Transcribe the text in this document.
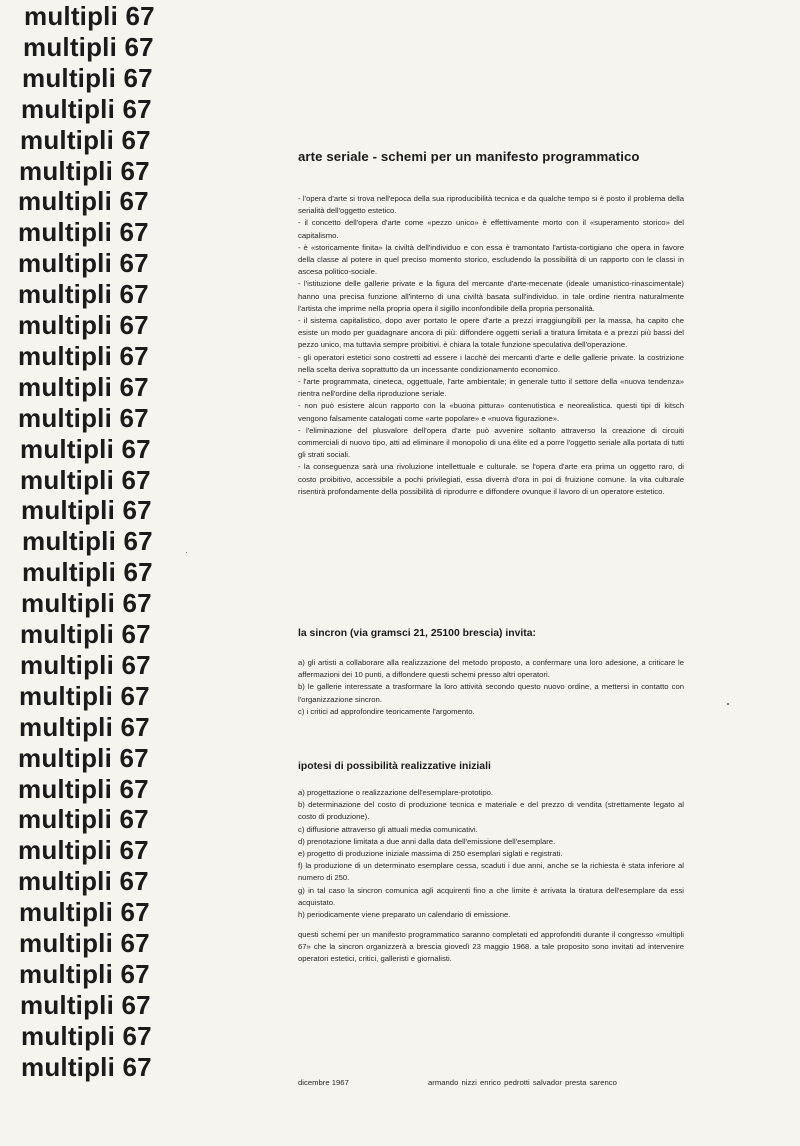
multipli 67
multipli 67
multipli 67
multipli 67
multipli 67
multipli 67
multipli 67
multipli 67
multipli 67
multipli 67
multipli 67
multipli 67
multipli 67
multipli 67
multipli 67
multipli 67
multipli 67
multipli 67
multipli 67
multipli 67
multipli 67
multipli 67
multipli 67
multipli 67
multipli 67
multipli 67
multipli 67
multipli 67
multipli 67
multipli 67
multipli 67
multipli 67
multipli 67
multipli 67
multipli 67
arte seriale - schemi per un manifesto programmatico

- l'opera d'arte si trova nell'epoca della sua riproducibilità tecnica e da qualche tempo si è posto il problema della serialità dell'oggetto estetico.

- il concetto dell'opera d'arte come «pezzo unico» è effettivamente morto con il «superamento storico» del capitalismo.

- è «storicamente finita» la civiltà dell'individuo e con essa è tramontato l'artista-cortigiano che opera in favore della classe al potere in quel preciso momento storico, escludendo la possibilità di un rapporto con le classi in ascesa politico-sociale.

- l'istituzione delle gallerie private e la figura del mercante d'arte-mecenate (ideale umanistico-rinascimentale) hanno una precisa funzione all'interno di una civiltà basata sull'individuo. in tale ordine rientra naturalmente l'artista che imprime nella propria opera il sigillo inconfondibile della propria personalità.

- il sistema capitalistico, dopo aver portato le opere d'arte a prezzi irraggiungibili per la massa, ha capito che esiste un modo per guadagnare ancora di più: diffondere oggetti seriali a tiratura limitata e a prezzi più bassi del pezzo unico, ma tuttavia sempre proibitivi. è chiara la totale funzione speculativa dell'operazione.

- gli operatori estetici sono costretti ad essere i lacchè dei mercanti d'arte e delle gallerie private. la costrizione nella scelta deriva soprattutto da un incessante condizionamento economico.

- l'arte programmata, cineteca, oggettuale, l'arte ambientale; in generale tutto il settore della «nuova tendenza» rientra nell'ordine della riproduzione seriale.

- non può esistere alcun rapporto con la «buona pittura» contenutistica e neorealistica. questi tipi di kitsch vengono falsamente catalogati come «arte popolare» e «nuova figurazione».

- l'eliminazione del plusvalore dell'opera d'arte può avvenire soltanto attraverso la creazione di circuiti commerciali di nuovo tipo, atti ad eliminare il monopolio di una élite ed a porre l'oggetto seriale alla portata di tutti gli strati sociali.

- la conseguenza sarà una rivoluzione intellettuale e culturale. se l'opera d'arte era prima un oggetto raro, di costo proibitivo, accessibile a pochi privilegiati, essa diverrà d'ora in poi di fruizione comune. la vita culturale risentirà profondamente della possibilità di riprodurre e diffondere ovunque il lavoro di un operatore estetico.

la sincron (via gramsci 21, 25100 brescia) invita:

a) gli artisti a collaborare alla realizzazione del metodo proposto, a confermare una loro adesione, a criticare le affermazioni dei 10 punti, a diffondere questi schemi presso altri operatori.

b) le gallerie interessate a trasformare la loro attività secondo questo nuovo ordine, a mettersi in contatto con l'organizzazione sincron.

c) i critici ad approfondire teoricamente l'argomento.

ipotesi di possibilità realizzative iniziali

a) progettazione o realizzazione dell'esemplare-prototipo.

b) determinazione del costo di produzione tecnica e materiale e del prezzo di vendita (strettamente legato al costo di produzione).

c) diffusione attraverso gli attuali media comunicativi.

d) prenotazione limitata a due anni dalla data dell'emissione dell'esemplare.

e) progetto di produzione iniziale massima di 250 esemplari siglati e registrati.

f) la produzione di un determinato esemplare cessa, scaduti i due anni, anche se la richiesta è stata inferiore al numero di 250.

g) in tal caso la sincron comunica agli acquirenti fino a che limite è arrivata la tiratura dell'esemplare da essi acquistato.

h) periodicamente viene preparato un calendario di emissione.

questi schemi per un manifesto programmatico saranno completati ed approfonditi durante il congresso «multipli 67» che la sincron organizzerà a brescia giovedì 23 maggio 1968. a tale proposito sono invitati ad intervenire operatori estetici, critici, galleristi e giornalisti.

dicembre 1967	armando nizzi enrico pedrotti salvador presta sarenco
